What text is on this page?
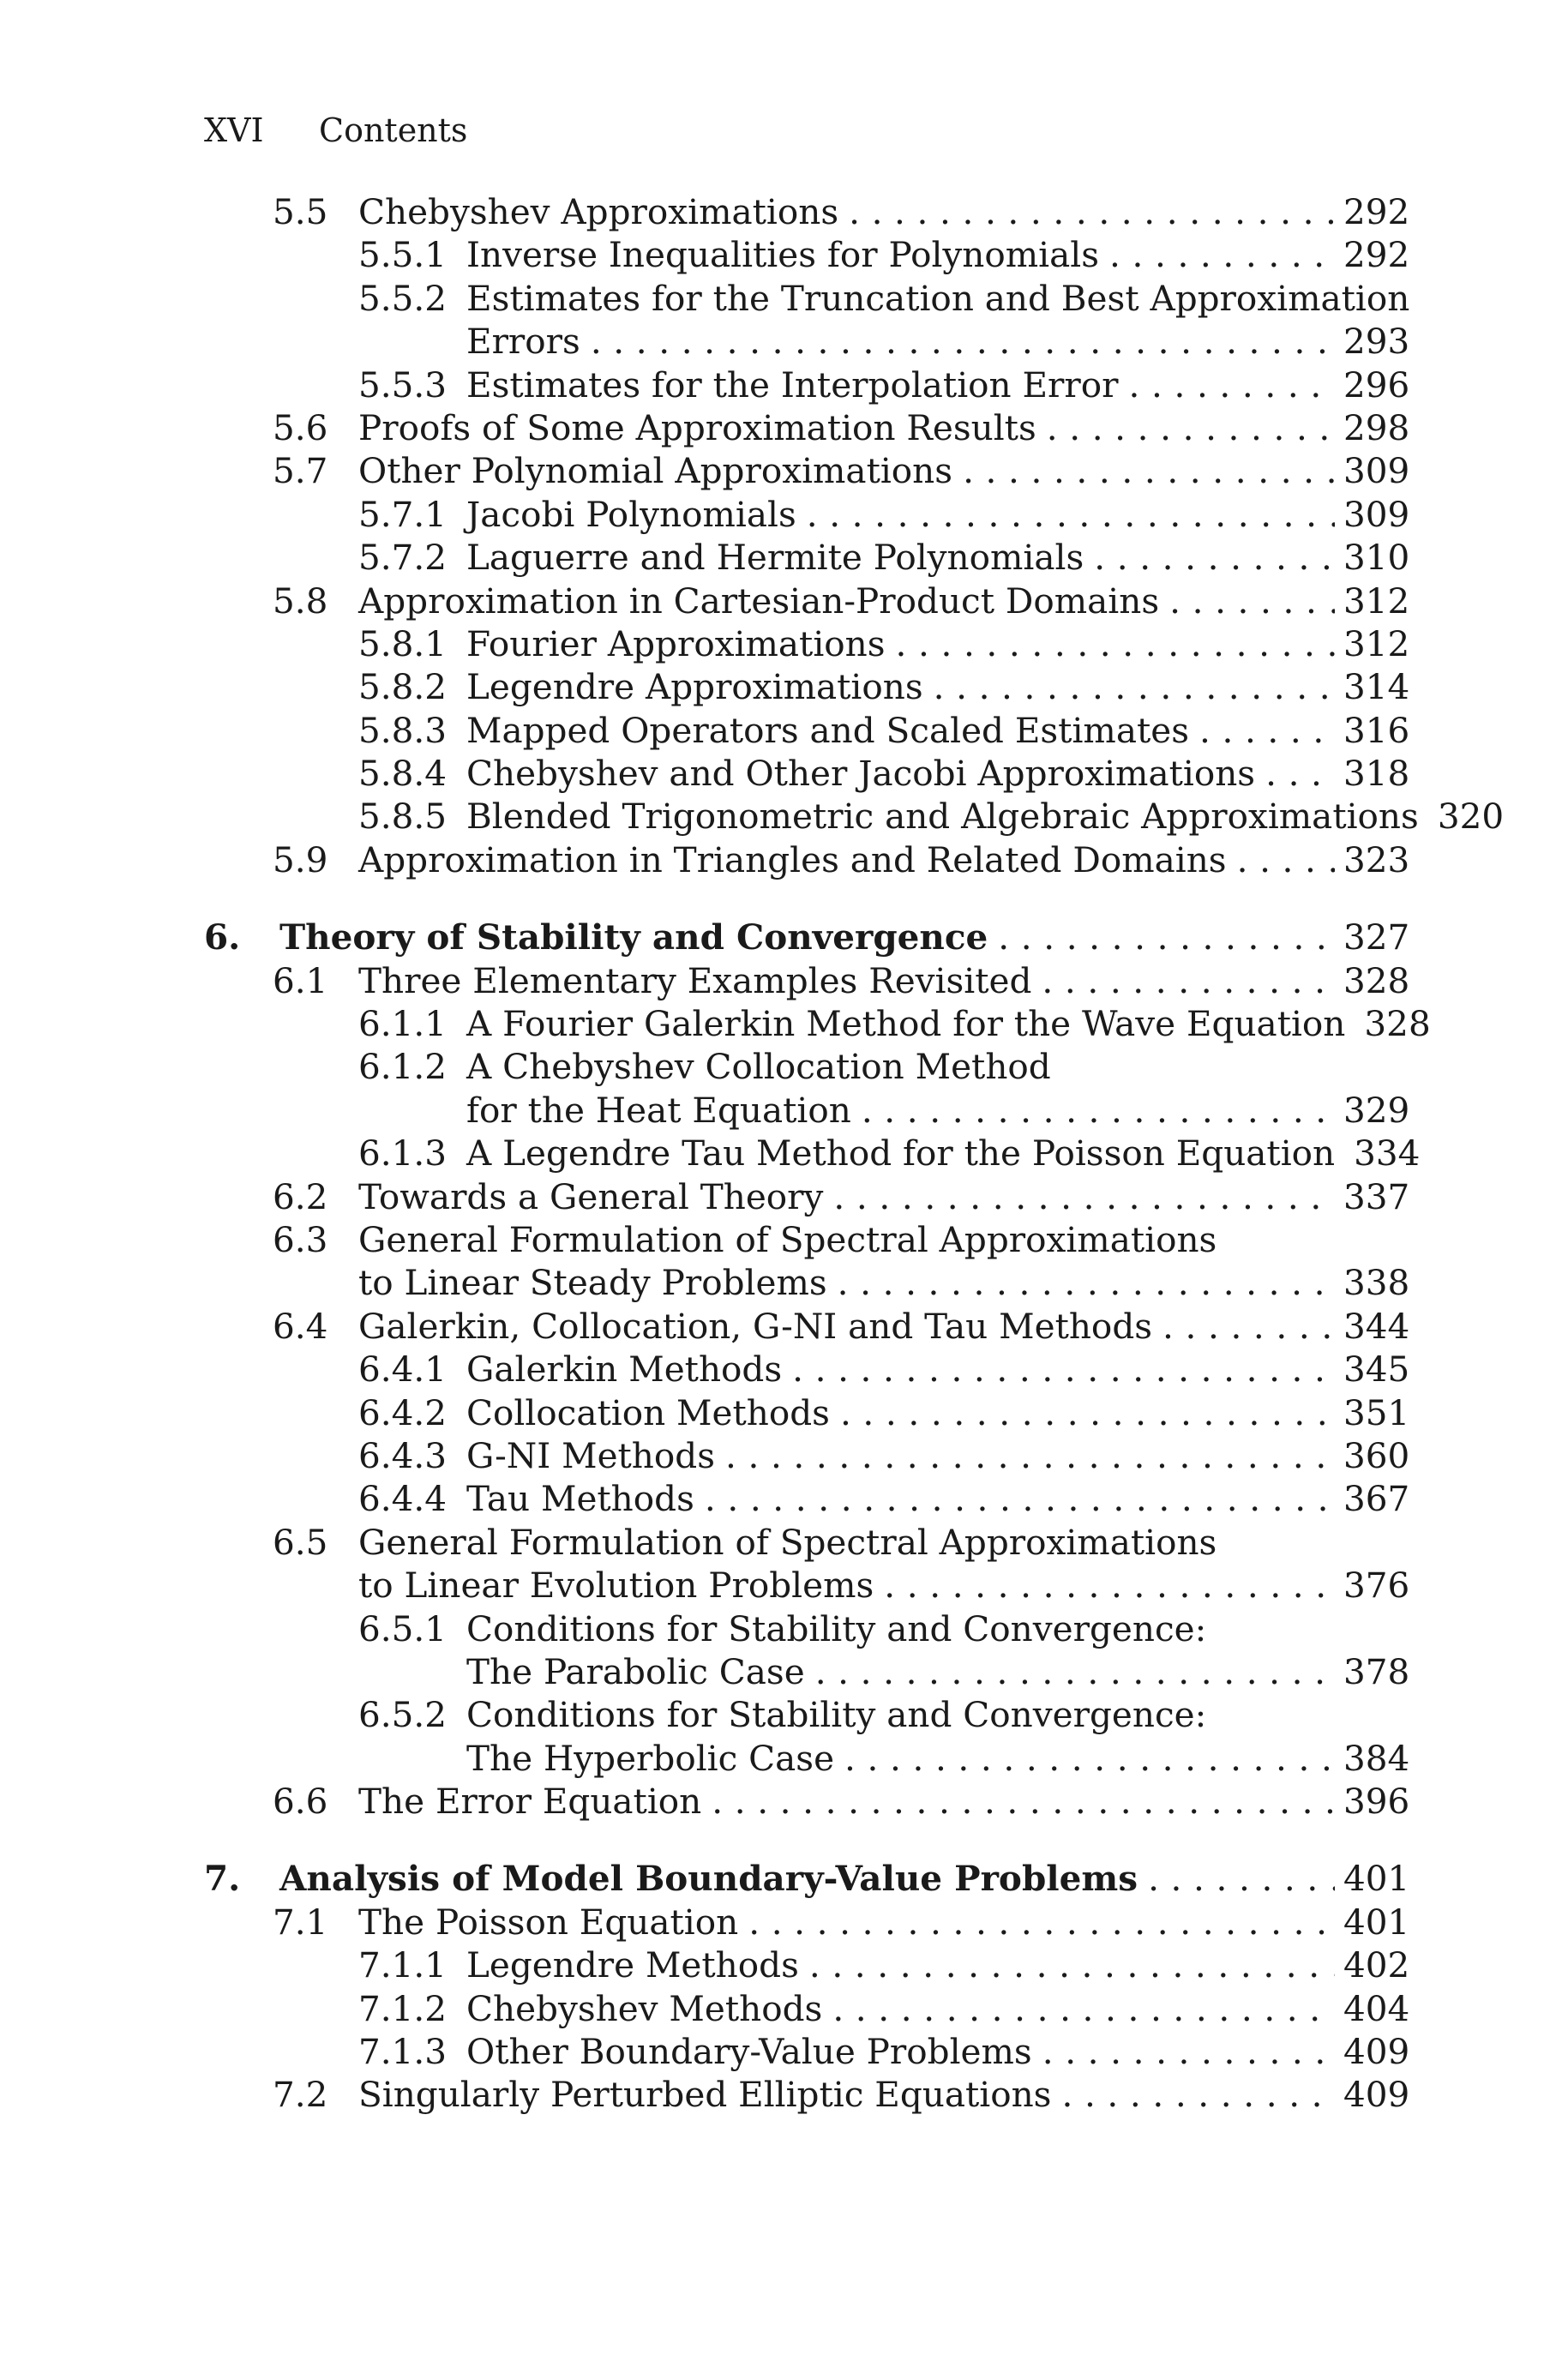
XVI Contents
5.5 Chebyshev Approximations .....	292
5.5.1 Inverse Inequalities for Polynomials .....	292
5.5.2 Estimates for the Truncation and Best Approximation
Errors .....	293
5.5.3 Estimates for the Interpolation Error .....	296
5.6 Proofs of Some Approximation Results .....	298
5.7 Other Polynomial Approximations .....	309
5.7.1 Jacobi Polynomials .....	309
5.7.2 Laguerre and Hermite Polynomials .....	310
5.8 Approximation in Cartesian-Product Domains .....	312
5.8.1 Fourier Approximations .....	312
5.8.2 Legendre Approximations .....	314
5.8.3 Mapped Operators and Scaled Estimates .....	316
5.8.4 Chebyshev and Other Jacobi Approximations .....	318
5.8.5 Blended Trigonometric and Algebraic Approximations 320
5.9 Approximation in Triangles and Related Domains .....	323
6. Theory of Stability and Convergence .....	327
6.1 Three Elementary Examples Revisited .....	328
6.1.1 A Fourier Galerkin Method for the Wave Equation 328
6.1.2 A Chebyshev Collocation Method
for the Heat Equation .....	329
6.1.3 A Legendre Tau Method for the Poisson Equation 334
6.2 Towards a General Theory .....	337
6.3 General Formulation of Spectral Approximations
to Linear Steady Problems .....	338
6.4 Galerkin, Collocation, G-NI and Tau Methods .....	344
6.4.1 Galerkin Methods .....	345
6.4.2 Collocation Methods .....	351
6.4.3 G-NI Methods .....	360
6.4.4 Tau Methods .....	367
6.5 General Formulation of Spectral Approximations
to Linear Evolution Problems .....	376
6.5.1 Conditions for Stability and Convergence:
The Parabolic Case .....	378
6.5.2 Conditions for Stability and Convergence:
The Hyperbolic Case .....	384
6.6 The Error Equation .....	396
7. Analysis of Model Boundary-Value Problems .....	401
7.1 The Poisson Equation .....	401
7.1.1 Legendre Methods .....	402
7.1.2 Chebyshev Methods .....	404
7.1.3 Other Boundary-Value Problems .....	409
7.2 Singularly Perturbed Elliptic Equations .....	409
